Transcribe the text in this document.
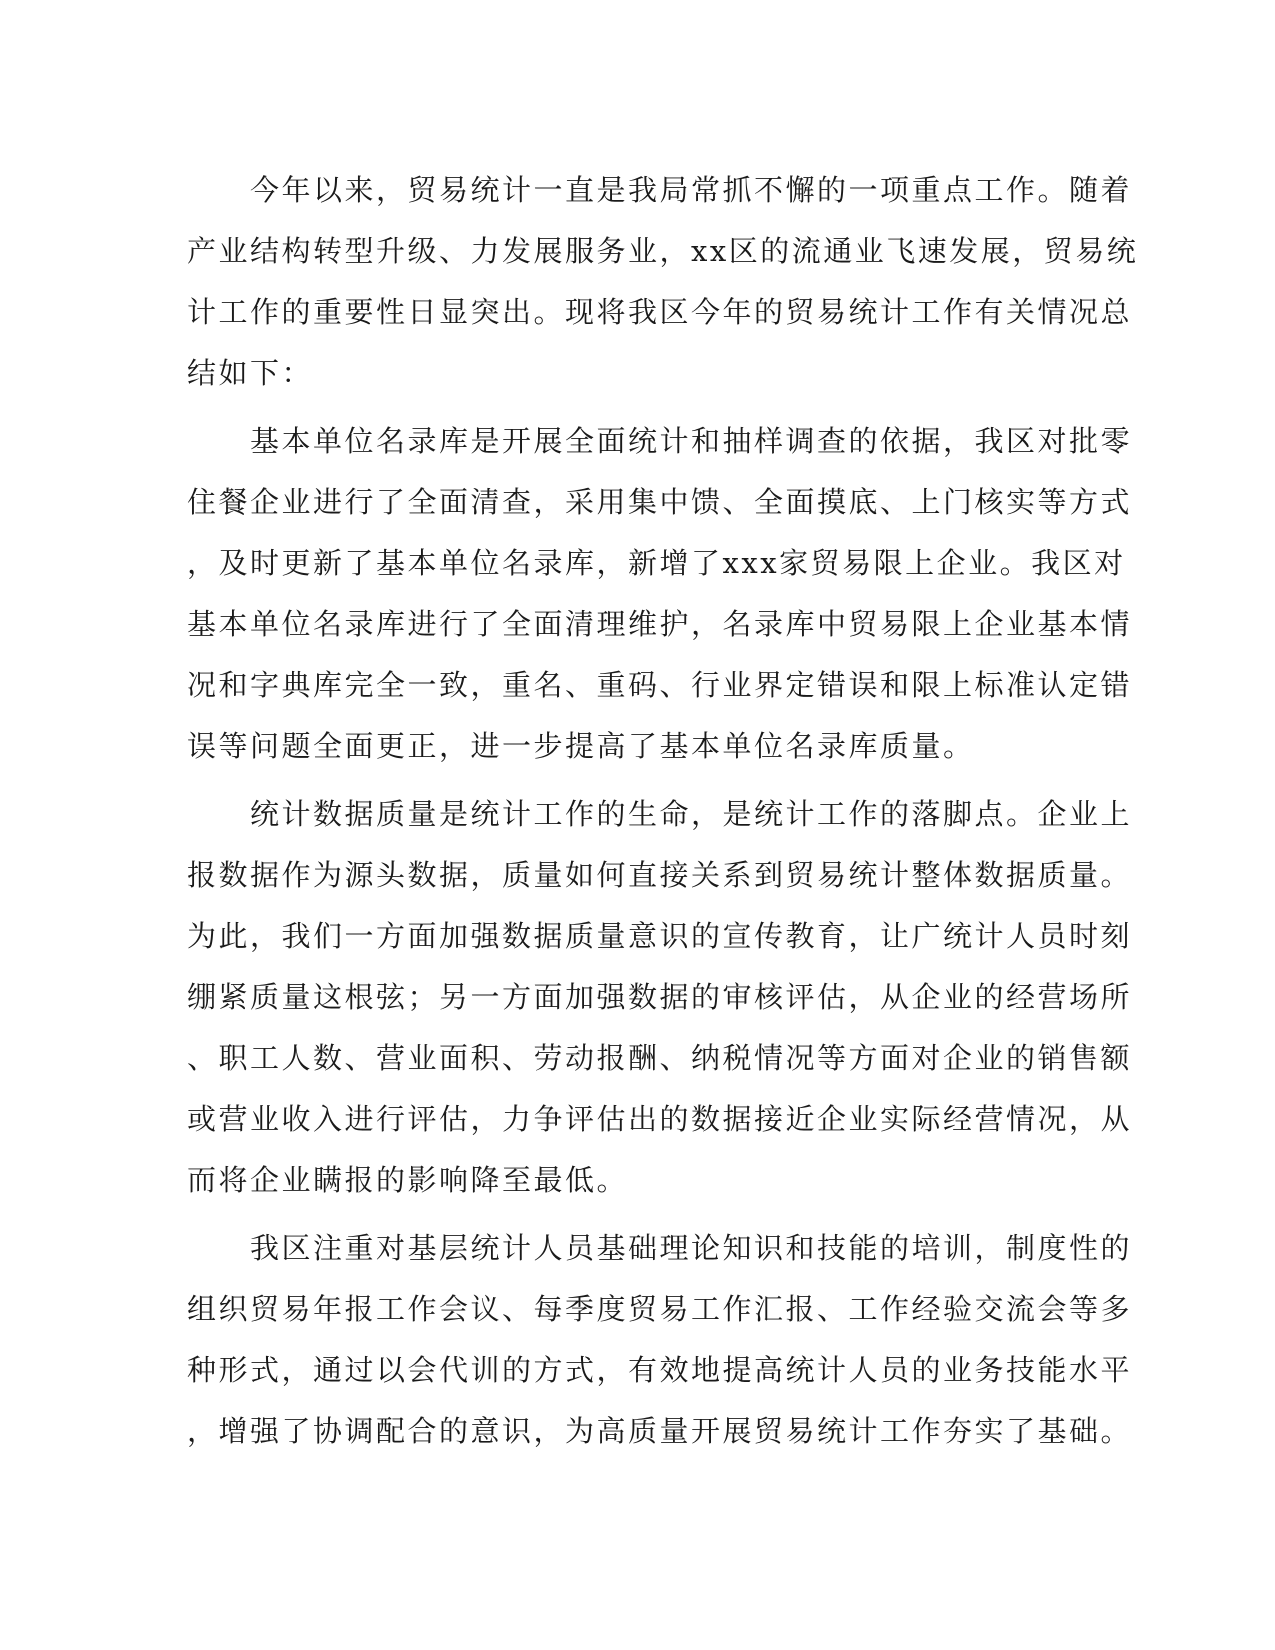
　　今年以来，贸易统计一直是我局常抓不懈的一项重点工作。随着
产业结构转型升级、力发展服务业，xx区的流通业飞速发展，贸易统
计工作的重要性日显突出。现将我区今年的贸易统计工作有关情况总
结如下：
　　基本单位名录库是开展全面统计和抽样调查的依据，我区对批零
住餐企业进行了全面清查，采用集中馈、全面摸底、上门核实等方式
，及时更新了基本单位名录库，新增了xxx家贸易限上企业。我区对
基本单位名录库进行了全面清理维护，名录库中贸易限上企业基本情
况和字典库完全一致，重名、重码、行业界定错误和限上标准认定错
误等问题全面更正，进一步提高了基本单位名录库质量。
　　统计数据质量是统计工作的生命，是统计工作的落脚点。企业上
报数据作为源头数据，质量如何直接关系到贸易统计整体数据质量。
为此，我们一方面加强数据质量意识的宣传教育，让广统计人员时刻
绷紧质量这根弦；另一方面加强数据的审核评估，从企业的经营场所
、职工人数、营业面积、劳动报酬、纳税情况等方面对企业的销售额
或营业收入进行评估，力争评估出的数据接近企业实际经营情况，从
而将企业瞒报的影响降至最低。
　　我区注重对基层统计人员基础理论知识和技能的培训，制度性的
组织贸易年报工作会议、每季度贸易工作汇报、工作经验交流会等多
种形式，通过以会代训的方式，有效地提高统计人员的业务技能水平
，增强了协调配合的意识，为高质量开展贸易统计工作夯实了基础。
